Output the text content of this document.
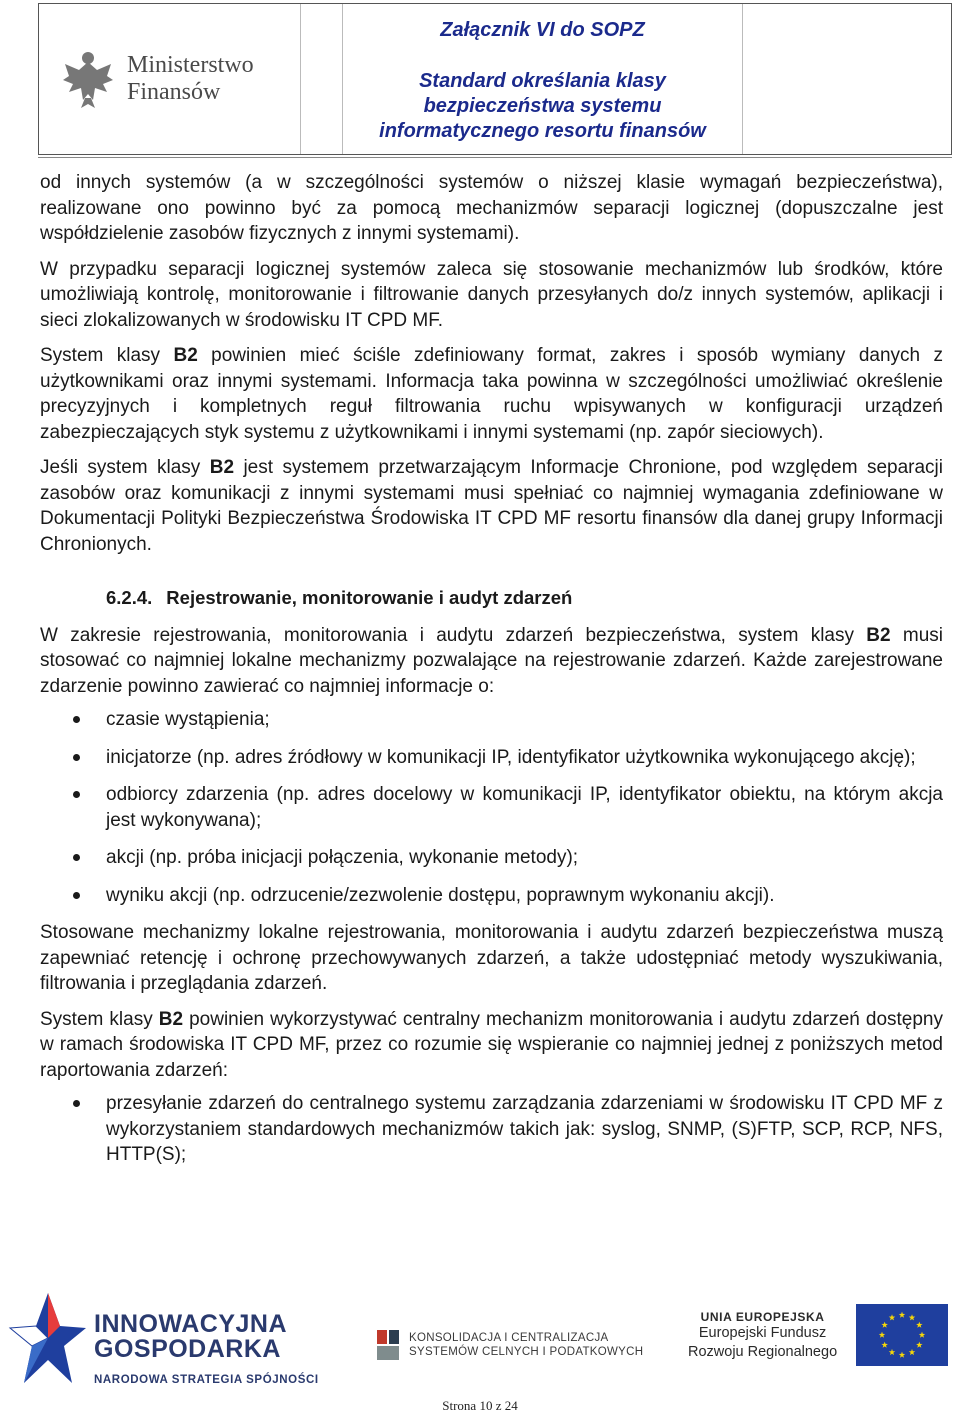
Ministerstwo
Finansów
Załącznik VI do SOPZ
Standard określania klasy
bezpieczeństwa systemu
informatycznego resortu finansów

od innych systemów (a w szczególności systemów o niższej klasie wymagań bezpieczeństwa), realizowane ono powinno być za pomocą mechanizmów separacji logicznej (dopuszczalne jest współdzielenie zasobów fizycznych z innymi systemami).

W przypadku separacji logicznej systemów zaleca się stosowanie mechanizmów lub środków, które umożliwiają kontrolę, monitorowanie i filtrowanie danych przesyłanych do/z innych systemów, aplikacji i sieci zlokalizowanych w środowisku IT CPD MF.

System klasy B2 powinien mieć ściśle zdefiniowany format, zakres i sposób wymiany danych z użytkownikami oraz innymi systemami. Informacja taka powinna w szczególności umożliwiać określenie precyzyjnych i kompletnych reguł filtrowania ruchu wpisywanych w konfiguracji urządzeń zabezpieczających styk systemu z użytkownikami i innymi systemami (np. zapór sieciowych).

Jeśli system klasy B2 jest systemem przetwarzającym Informacje Chronione, pod względem separacji zasobów oraz komunikacji z innymi systemami musi spełniać co najmniej wymagania zdefiniowane w Dokumentacji Polityki Bezpieczeństwa Środowiska IT CPD MF resortu finansów dla danej grupy Informacji Chronionych.

6.2.4. Rejestrowanie, monitorowanie i audyt zdarzeń

W zakresie rejestrowania, monitorowania i audytu zdarzeń bezpieczeństwa, system klasy B2 musi stosować co najmniej lokalne mechanizmy pozwalające na rejestrowanie zdarzeń. Każde zarejestrowane zdarzenie powinno zawierać co najmniej informacje o:

czasie wystąpienia;
inicjatorze (np. adres źródłowy w komunikacji IP, identyfikator użytkownika wykonującego akcję);
odbiorcy zdarzenia (np. adres docelowy w komunikacji IP, identyfikator obiektu, na którym akcja jest wykonywana);
akcji (np. próba inicjacji połączenia, wykonanie metody);
wyniku akcji (np. odrzucenie/zezwolenie dostępu, poprawnym wykonaniu akcji).

Stosowane mechanizmy lokalne rejestrowania, monitorowania i audytu zdarzeń bezpieczeństwa muszą zapewniać retencję i ochronę przechowywanych zdarzeń, a także udostępniać metody wyszukiwania, filtrowania i przeglądania zdarzeń.

System klasy B2 powinien wykorzystywać centralny mechanizm monitorowania i audytu zdarzeń dostępny w ramach środowiska IT CPD MF, przez co rozumie się wspieranie co najmniej jednej z poniższych metod raportowania zdarzeń:

przesyłanie zdarzeń do centralnego systemu zarządzania zdarzeniami w środowisku IT CPD MF z wykorzystaniem standardowych mechanizmów takich jak: syslog, SNMP, (S)FTP, SCP, RCP, NFS, HTTP(S);
INNOWACYJNA
GOSPODARKA
NARODOWA STRATEGIA SPÓJNOŚCI
KONSOLIDACJA I CENTRALIZACJA
SYSTEMÓW CELNYCH I PODATKOWYCH
UNIA EUROPEJSKA
Europejski Fundusz
Rozwoju Regionalnego
Strona 10 z 24
